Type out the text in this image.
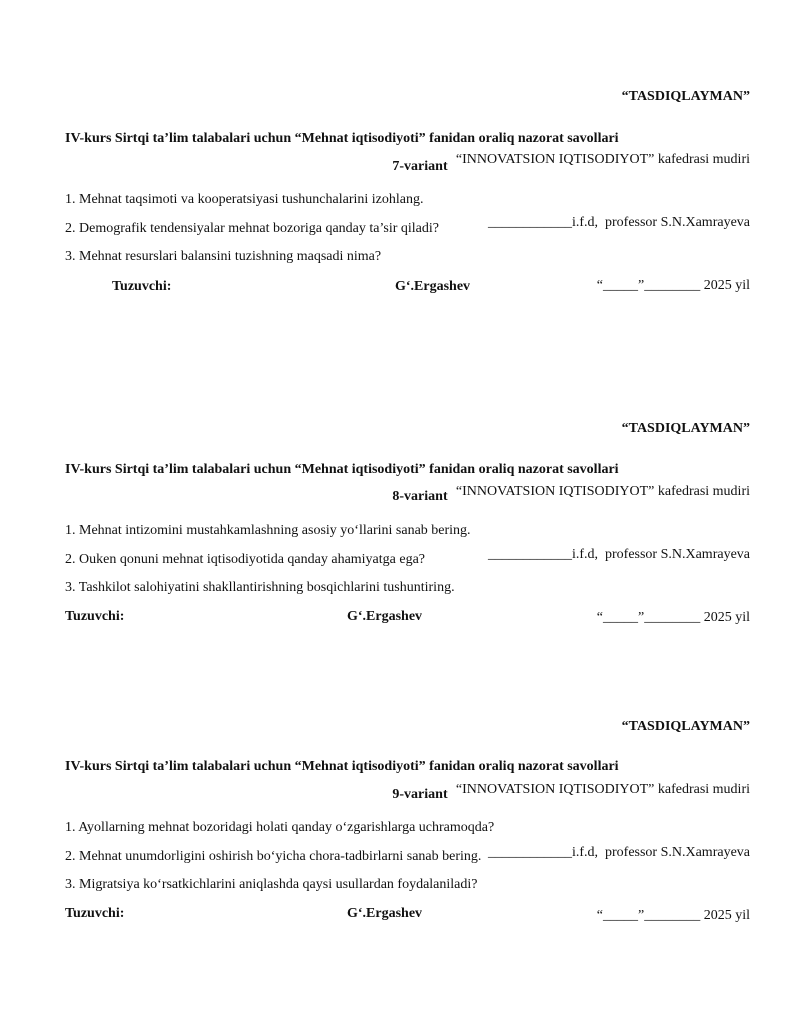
“TASDIQLAYMAN”

“INNOVATSION IQTISODIYOT” kafedrasi mudiri

____________i.f.d,  professor S.N.Xamrayeva

“_____”________ 2025 yil

IV-kurs Sirtqi ta’lim talabalari uchun “Mehnat iqtisodiyoti” fanidan oraliq nazorat savollari
7-variant
1. Mehnat taqsimoti va kooperatsiyasi tushunchalarini izohlang.
2. Demografik tendensiyalar mehnat bozoriga qanday ta’sir qiladi?
3. Mehnat resurslari balansini tuzishning maqsadi nima?
Tuzuvchi:	G‘.Ergashev

“TASDIQLAYMAN”

“INNOVATSION IQTISODIYOT” kafedrasi mudiri

____________i.f.d,  professor S.N.Xamrayeva

“_____”________ 2025 yil

IV-kurs Sirtqi ta’lim talabalari uchun “Mehnat iqtisodiyoti” fanidan oraliq nazorat savollari
8-variant
1. Mehnat intizomini mustahkamlashning asosiy yo‘llarini sanab bering.
2. Ouken qonuni mehnat iqtisodiyotida qanday ahamiyatga ega?
3. Tashkilot salohiyatini shakllantirishning bosqichlarini tushuntiring.
Tuzuvchi:	G‘.Ergashev

“TASDIQLAYMAN”

“INNOVATSION IQTISODIYOT” kafedrasi mudiri

____________i.f.d,  professor S.N.Xamrayeva

“_____”________ 2025 yil

IV-kurs Sirtqi ta’lim talabalari uchun “Mehnat iqtisodiyoti” fanidan oraliq nazorat savollari
9-variant
1. Ayollarning mehnat bozoridagi holati qanday o‘zgarishlarga uchramoqda?
2. Mehnat unumdorligini oshirish bo‘yicha chora-tadbirlarni sanab bering.
3. Migratsiya ko‘rsatkichlarini aniqlashda qaysi usullardan foydalaniladi?
Tuzuvchi:	G‘.Ergashev
